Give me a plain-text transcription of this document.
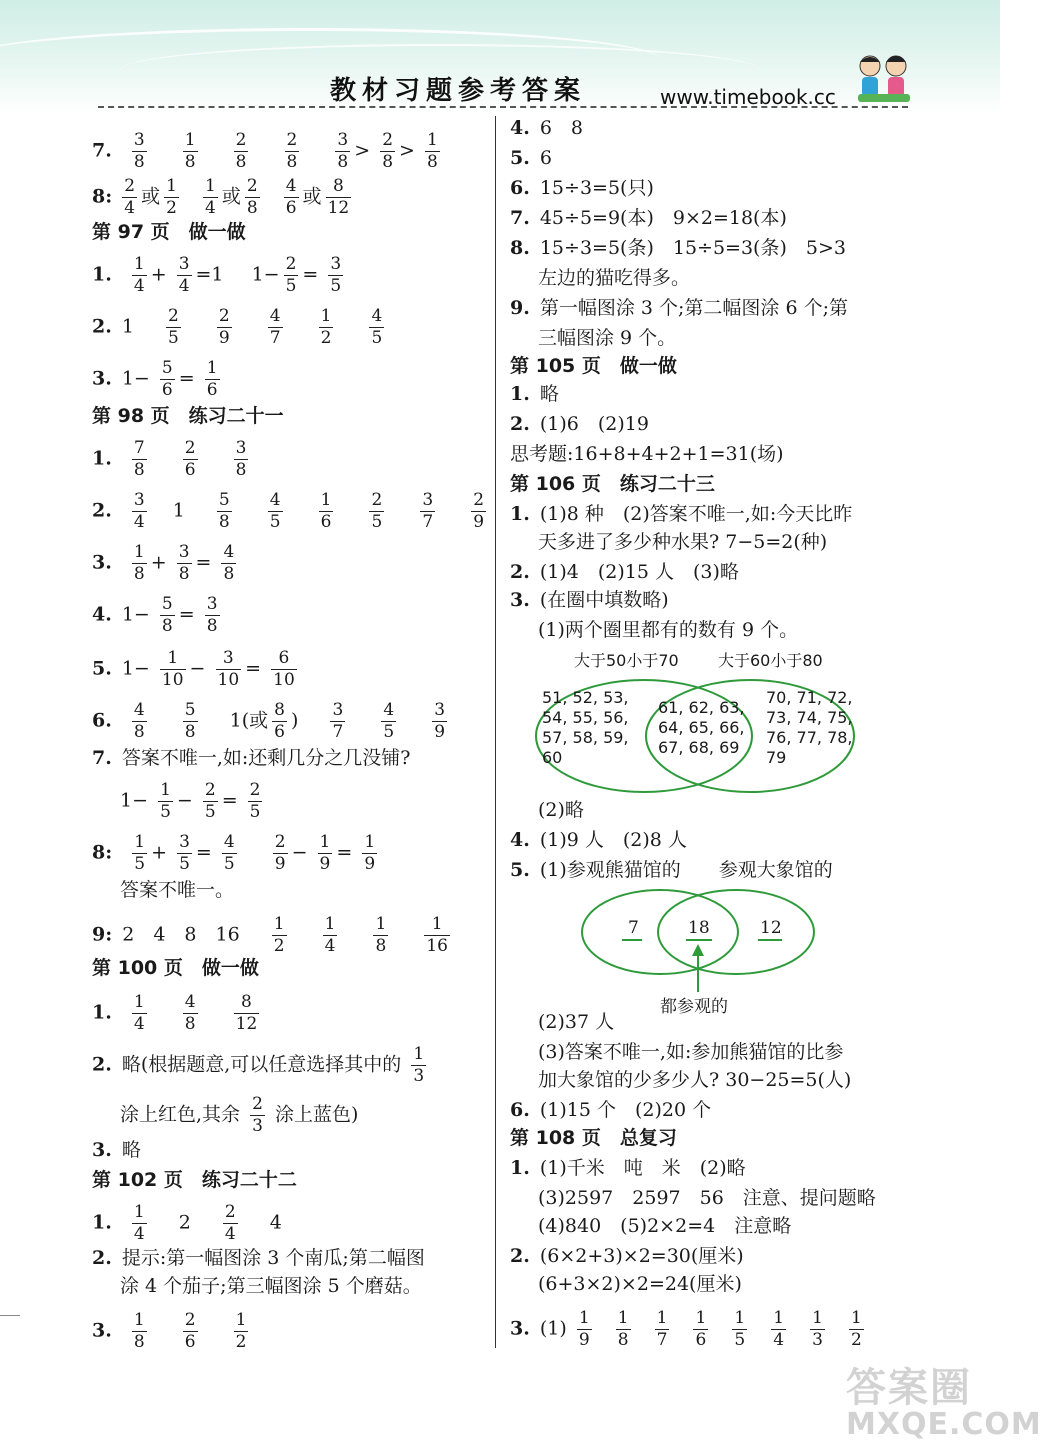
教材习题参考答案	www.timebook.cc
7. $\frac{3}{8}$
$\frac{1}{8}$
$\frac{2}{8}$
$\frac{2}{8}$
$\frac{3}{8} > \frac{2}{8} > \frac{1}{8}$
8: $\frac{2}{4}$ 或 $\frac{1}{2}$
$\frac{1}{4}$ 或 $\frac{2}{8}$
$\frac{4}{6}$ 或 $\frac{8}{12}$
第 97 页　做一做
1. $\frac{1}{4} + \frac{3}{4} =1$ $1- \frac{2}{5} = \frac{3}{5}$
2. $1 \frac{2}{5}$
$\frac{2}{9}$
$\frac{4}{7}$
$\frac{1}{2}$
$\frac{4}{5}$
3. $1- \frac{5}{6} = \frac{1}{6}$
第 98 页　练习二十一
1. $\frac{7}{8}$
$\frac{2}{6}$
$\frac{3}{8}$
2. $\frac{3}{4} 1 \frac{5}{8}$
$\frac{4}{5}$
$\frac{1}{6}$
$\frac{2}{5}$
$\frac{3}{7}$
$\frac{2}{9}$
3. $\frac{1}{8} + \frac{3}{8} = \frac{4}{8}$
4. $1- \frac{5}{8} = \frac{3}{8}$
5. $1- \frac{1}{10} - \frac{3}{10} = \frac{6}{10}$
6. $\frac{4}{8}$
$\frac{5}{8} 1$(或 $\frac{8}{6}$ ) $\frac{3}{7}$
$\frac{4}{5}$
$\frac{3}{9}$
7. 答案不唯一,如:还剩几分之几没铺?
$1- \frac{1}{5} - \frac{2}{5} = \frac{2}{5}$
8: $\frac{1}{5} + \frac{3}{5} = \frac{4}{5}$
$\frac{2}{9} - \frac{1}{9} = \frac{1}{9}$
答案不唯一。
9: 2　4　8　$16 \frac{1}{2}$
$\frac{1}{4}$
$\frac{1}{8}$
$\frac{1}{16}$
第 100 页　做一做
1. $\frac{1}{4}$
$\frac{4}{8}$
$\frac{8}{12}$
2. 略(根据题意,可以任意选择其中的 $\frac{1}{3}$
涂上红色,其余 $\frac{2}{3}$ 涂上蓝色)
3. 略
第 102 页　练习二十二
1. $\frac{1}{4} 2 \frac{2}{4} 4$
2. 提示:第一幅图涂 3 个南瓜;第二幅图
涂 4 个茄子;第三幅图涂 5 个磨菇。
3. $\frac{1}{8}$
$\frac{2}{6}$
$\frac{1}{2}$
4. 6　8
5. 6
6. 15÷3=5(只)
7. 45÷5=9(本)　9×2=18(本)
8. 15÷3=5(条)　15÷5=3(条)　5>3
左边的猫吃得多。
9. 第一幅图涂 3 个;第二幅图涂 6 个;第
三幅图涂 9 个。
第 105 页　做一做
1. 略
2. (1)6　(2)19
思考题:16+8+4+2+1=31(场)
第 106 页　练习二十三
1. (1)8 种　(2)答案不唯一,如:今天比昨
天多进了多少种水果? 7−5=2(种)
2. (1)4　(2)15 人　(3)略
3. (在圈中填数略)
(1)两个圈里都有的数有 9 个。
大于50小于70 大于60小于80
51, 52, 53,
54, 55, 56,
57, 58, 59,
60
61, 62, 63,
64, 65, 66,
67, 68, 69
70, 71, 72,
73, 74, 75,
76, 77, 78,
79
(2)略
4. (1)9 人　(2)8 人
5. (1)参观熊猫馆的　　参观大象馆的
7	18	12
都参观的
(2)37 人
(3)答案不唯一,如:参加熊猫馆的比参
加大象馆的少多少人? 30−25=5(人)
6. (1)15 个　(2)20 个
第 108 页　总复习
1. (1)千米　吨　米　(2)略
(3)2597　2597　56　注意、提问题略
(4)840　(5)2×2=4　注意略
2. (6×2+3)×2=30(厘米)
(6+3×2)×2=24(厘米)
3. $(1) \frac{1}{9}$
$\frac{1}{8}$
$\frac{1}{7}$
$\frac{1}{6}$
$\frac{1}{5}$
$\frac{1}{4}$
$\frac{1}{3}$
$\frac{1}{2}$
答案圈
MXQE.COM
